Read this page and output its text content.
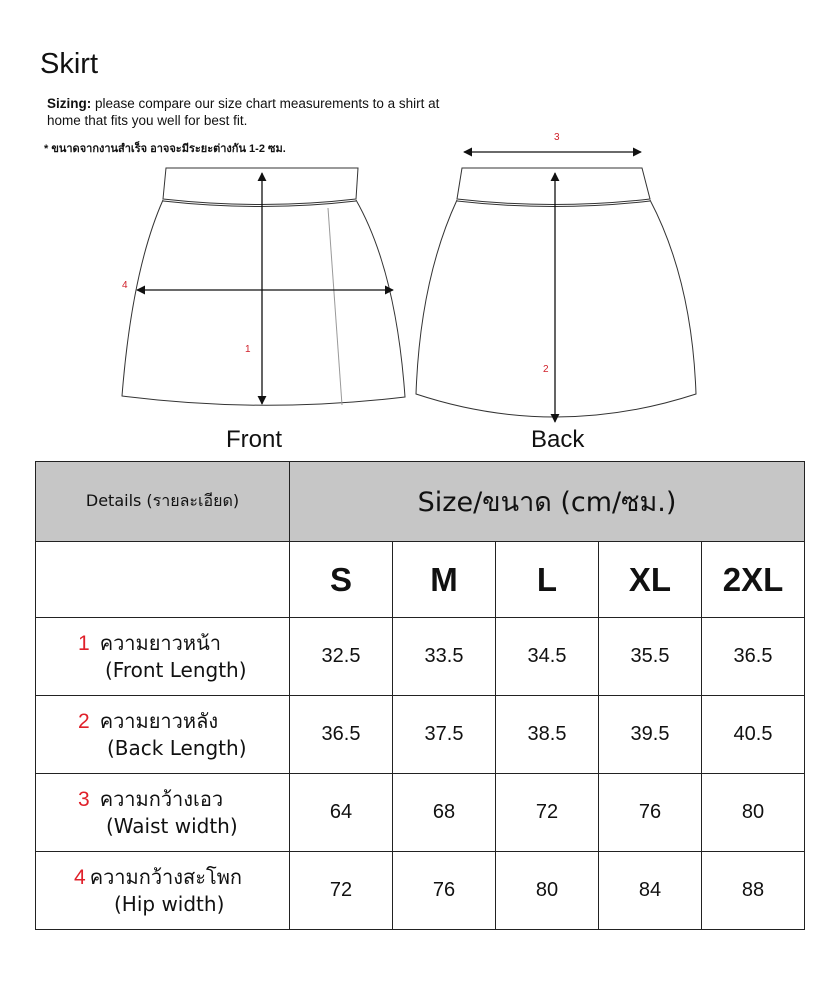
Skirt
Sizing: please compare our size chart measurements to a shirt at home that fits you well for best fit.
* ขนาดจากงานสำเร็จ อาจจะมีระยะต่างกัน 1-2 ซม.
1
4
3
2
Front	Back
Details (รายละเอียด)	Size/ขนาด (cm/ซม.)				
	S	M	L	XL	2XL
1 ความยาวหน้า
(Front Length)	32.5	33.5	34.5	35.5	36.5
2 ความยาวหลัง
(Back Length)	36.5	37.5	38.5	39.5	40.5
3 ความกว้างเอว
(Waist width)	64	68	72	76	80
4 ความกว้างสะโพก
(Hip width)	72	76	80	84	88
